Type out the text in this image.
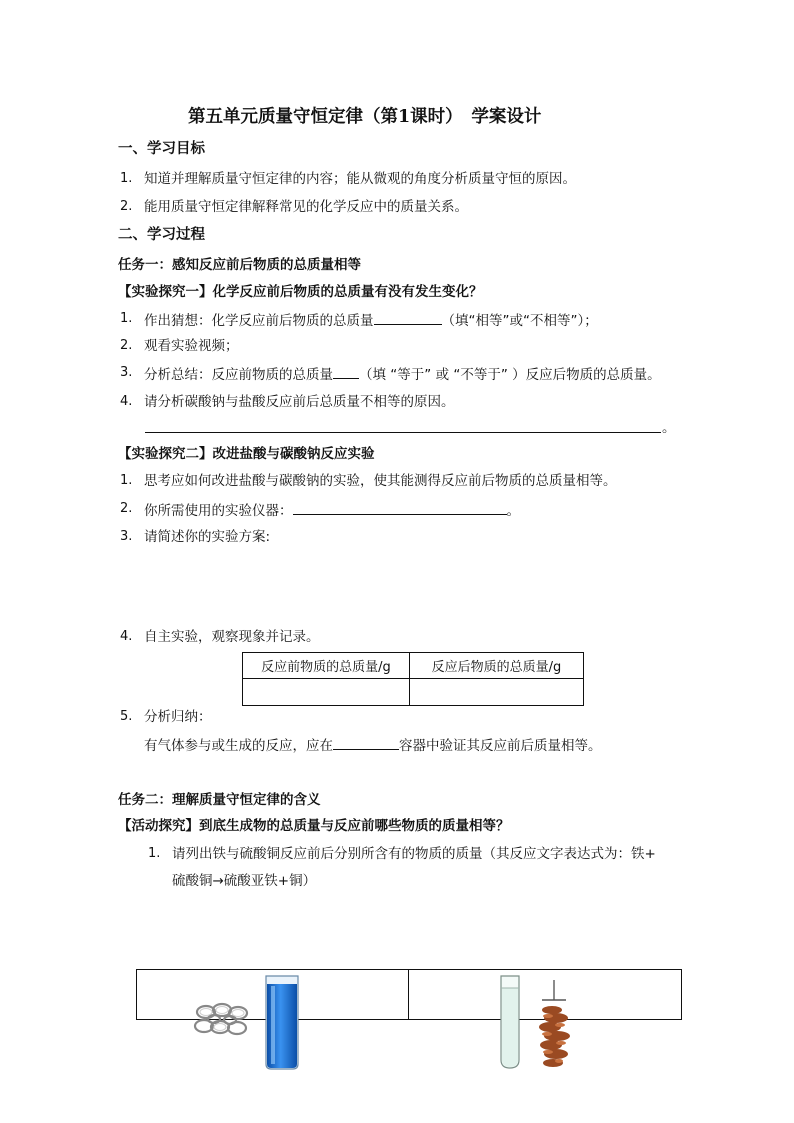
第五单元质量守恒定律（第1课时）　学案设计
一、学习目标
1. 知道并理解质量守恒定律的内容；能从微观的角度分析质量守恒的原因。
2. 能用质量守恒定律解释常见的化学反应中的质量关系。
二、学习过程
任务一：感知反应前后物质的总质量相等
【实验探究一】化学反应前后物质的总质量有没有发生变化？
1. 作出猜想：化学反应前后物质的总质量	（填“相等”或“不相等”）；
2. 观看实验视频；
3. 分析总结：反应前物质的总质量 （填 “等于” 或 “不等于” ）反应后物质的总质量。
4. 请分析碳酸钠与盐酸反应前后总质量不相等的原因。
。
【实验探究二】改进盐酸与碳酸钠反应实验
1. 思考应如何改进盐酸与碳酸钠的实验，使其能测得反应前后物质的总质量相等。
2. 你所需使用的实验仪器：	。
3. 请简述你的实验方案:
4. 自主实验，观察现象并记录。
反应前物质的总质量/g	反应后物质的总质量/g

5. 分析归纳：
有气体参与或生成的反应，应在	容器中验证其反应前后质量相等。
任务二：理解质量守恒定律的含义
【活动探究】到底生成物的总质量与反应前哪些物质的质量相等？
1. 请列出铁与硫酸铜反应前后分别所含有的物质的质量（其反应文字表达式为：铁+
硫酸铜→硫酸亚铁+铜）
